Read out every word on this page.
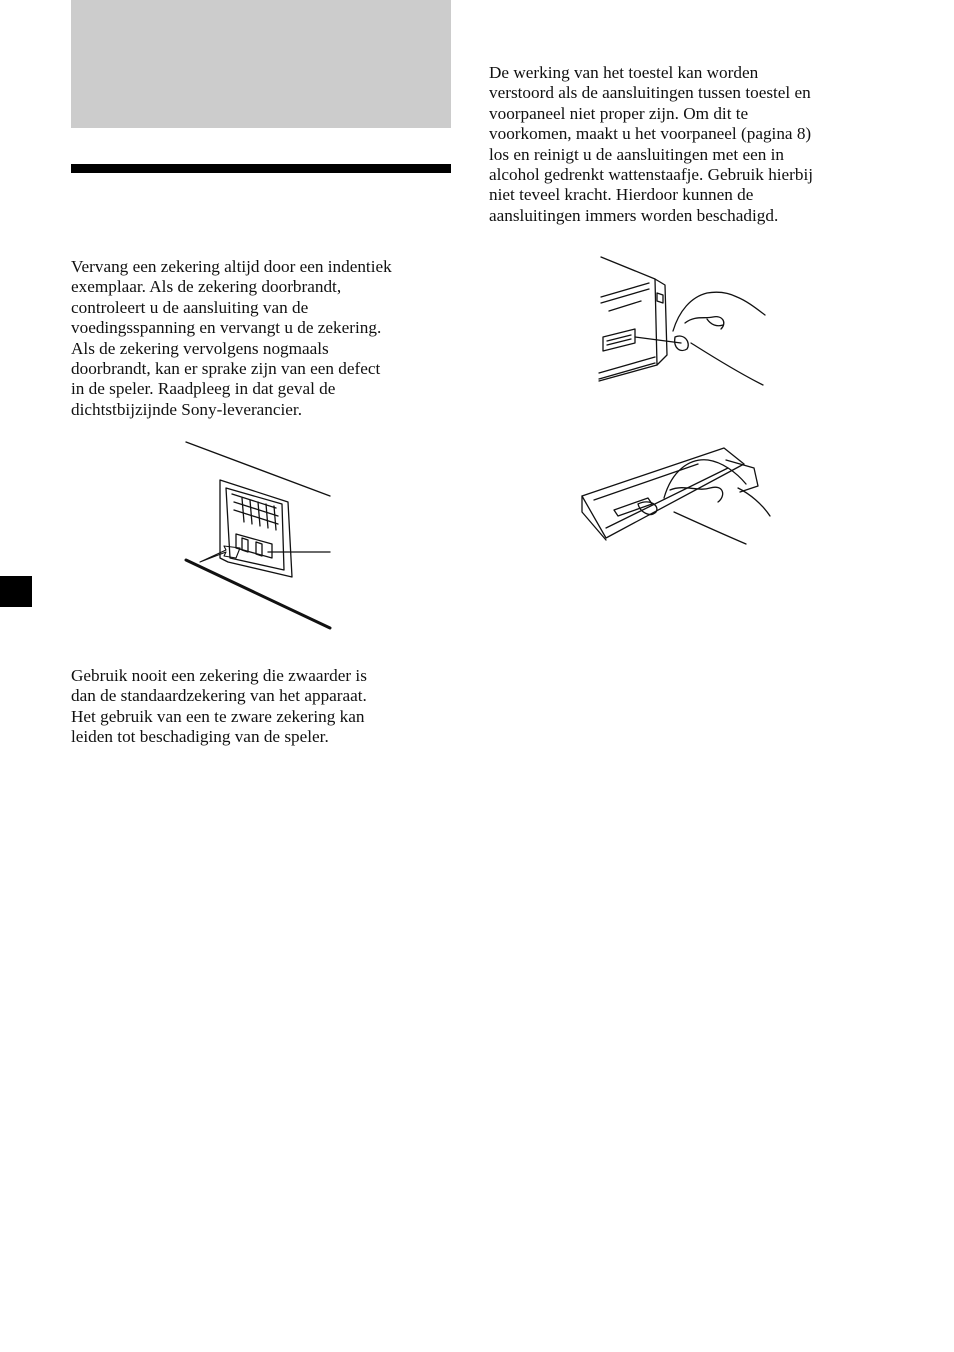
Vervang een zekering altijd door een indentiek
exemplaar. Als de zekering doorbrandt,
controleert u de aansluiting van de
voedingsspanning en vervangt u de zekering.
Als de zekering vervolgens nogmaals
doorbrandt, kan er sprake zijn van een defect
in de speler. Raadpleeg in dat geval de
dichtstbijzijnde Sony-leverancier.

Gebruik nooit een zekering die zwaarder is
dan de standaardzekering van het apparaat.
Het gebruik van een te zware zekering kan
leiden tot beschadiging van de speler.

De werking van het toestel kan worden
verstoord als de aansluitingen tussen toestel en
voorpaneel niet proper zijn. Om dit te
voorkomen, maakt u het voorpaneel (pagina 8)
los en reinigt u de aansluitingen met een in
alcohol gedrenkt wattenstaafje. Gebruik hierbij
niet teveel kracht. Hierdoor kunnen de
aansluitingen immers worden beschadigd.
